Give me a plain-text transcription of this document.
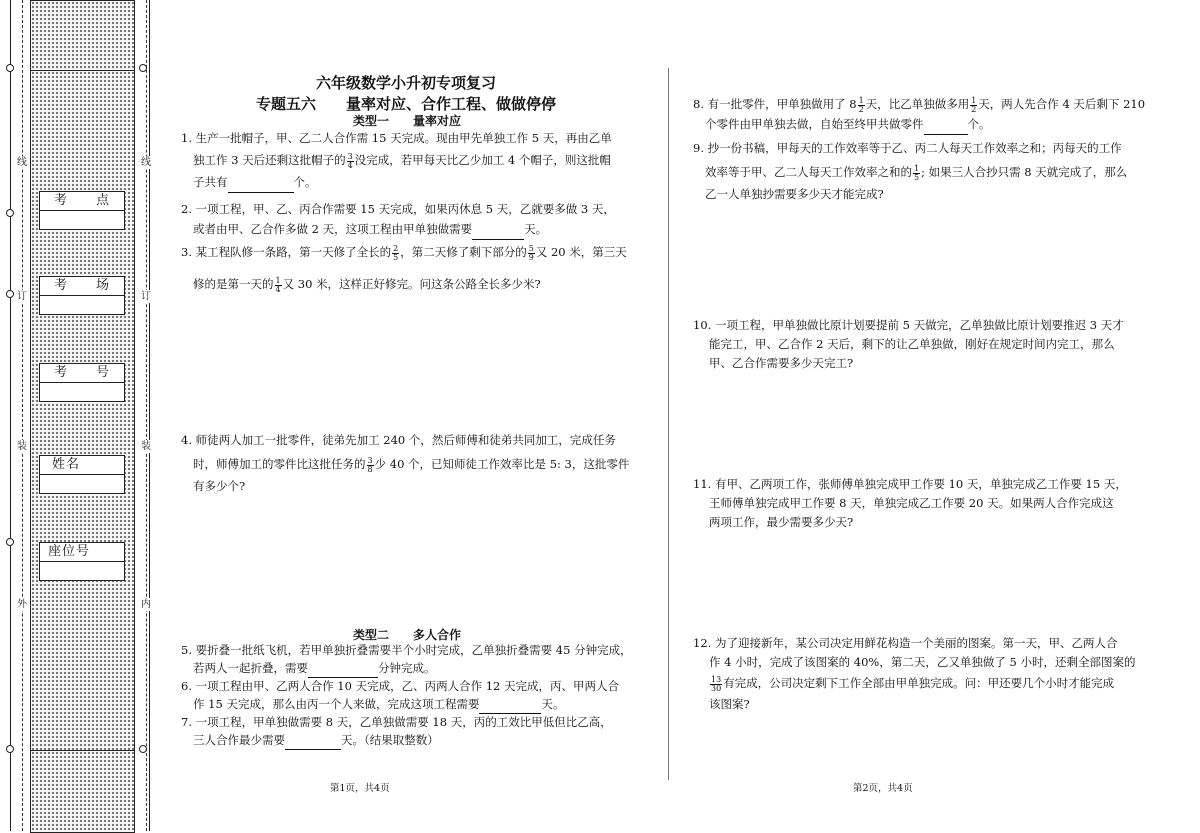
线
订
装
外
线
订
装
内
考　　点
考　　场
考　　号
姓名
座位号
六年级数学小升初专项复习
专题五六　　量率对应、合作工程、做做停停
类型一　　量率对应

1. 生产一批帽子，甲、乙二人合作需 15 天完成。现由甲先单独工作 5 天，再由乙单

独工作 3 天后还剩这批帽子的 $\frac{3}{4}$ 没完成，若甲每天比乙少加工 4 个帽子，则这批帽

子共有	个。

2. 一项工程，甲、乙、丙合作需要 15 天完成，如果丙休息 5 天，乙就要多做 3 天，

或者由甲、乙合作多做 2 天，这项工程由甲单独做需要	天。

3. 某工程队修一条路，第一天修了全长的 $\frac{2}{5}$ ，第二天修了剩下部分的 $\frac{5}{9}$ 又 20 米，第三天

修的是第一天的 $\frac{1}{4}$ 又 30 米，这样正好修完。问这条公路全长多少米?

4. 师徒两人加工一批零件，徒弟先加工 240 个，然后师傅和徒弟共同加工，完成任务

时，师傅加工的零件比这批任务的 $\frac{3}{8}$ 少 40 个，已知师徒工作效率比是 5: 3，这批零件

有多少个?

类型二　　多人合作

5. 要折叠一批纸飞机，若甲单独折叠需要半个小时完成，乙单独折叠需要 45 分钟完成，

若两人一起折叠，需要	分钟完成。

6. 一项工程由甲、乙两人合作 10 天完成，乙、丙两人合作 12 天完成，丙、甲两人合

作 15 天完成，那么由丙一个人来做，完成这项工程需要	天。

7. 一项工程，甲单独做需要 8 天，乙单独做需要 18 天，丙的工效比甲低但比乙高，

三人合作最少需要	天。（结果取整数）

第1页，共4页

8. 有一批零件，甲单独做用了 $8 \frac{1}{2}$ 天，比乙单独做多用 $\frac{1}{2}$ 天，两人先合作 4 天后剩下 210

个零件由甲单独去做，自始至终甲共做零件	个。

9. 抄一份书稿，甲每天的工作效率等于乙、丙二人每天工作效率之和；丙每天的工作

效率等于甲、乙二人每天工作效率之和的 $\frac{1}{5}$ ; 如果三人合抄只需 8 天就完成了，那么

乙一人单独抄需要多少天才能完成?

10. 一项工程，甲单独做比原计划要提前 5 天做完，乙单独做比原计划要推迟 3 天才

能完工，甲、乙合作 2 天后，剩下的让乙单独做，刚好在规定时间内完工，那么

甲、乙合作需要多少天完工?

11. 有甲、乙两项工作，张师傅单独完成甲工作要 10 天，单独完成乙工作要 15 天，

王师傅单独完成甲工作要 8 天，单独完成乙工作要 20 天。如果两人合作完成这

两项工作，最少需要多少天?

12. 为了迎接新年，某公司决定用鲜花构造一个美丽的图案。第一天，甲、乙两人合

作 4 小时，完成了该图案的 40%，第二天，乙又单独做了 5 小时，还剩全部图案的

$\frac{13}{30}$ 有完成，公司决定剩下工作全部由甲单独完成。问：甲还要几个小时才能完成

该图案?

第2页，共4页
